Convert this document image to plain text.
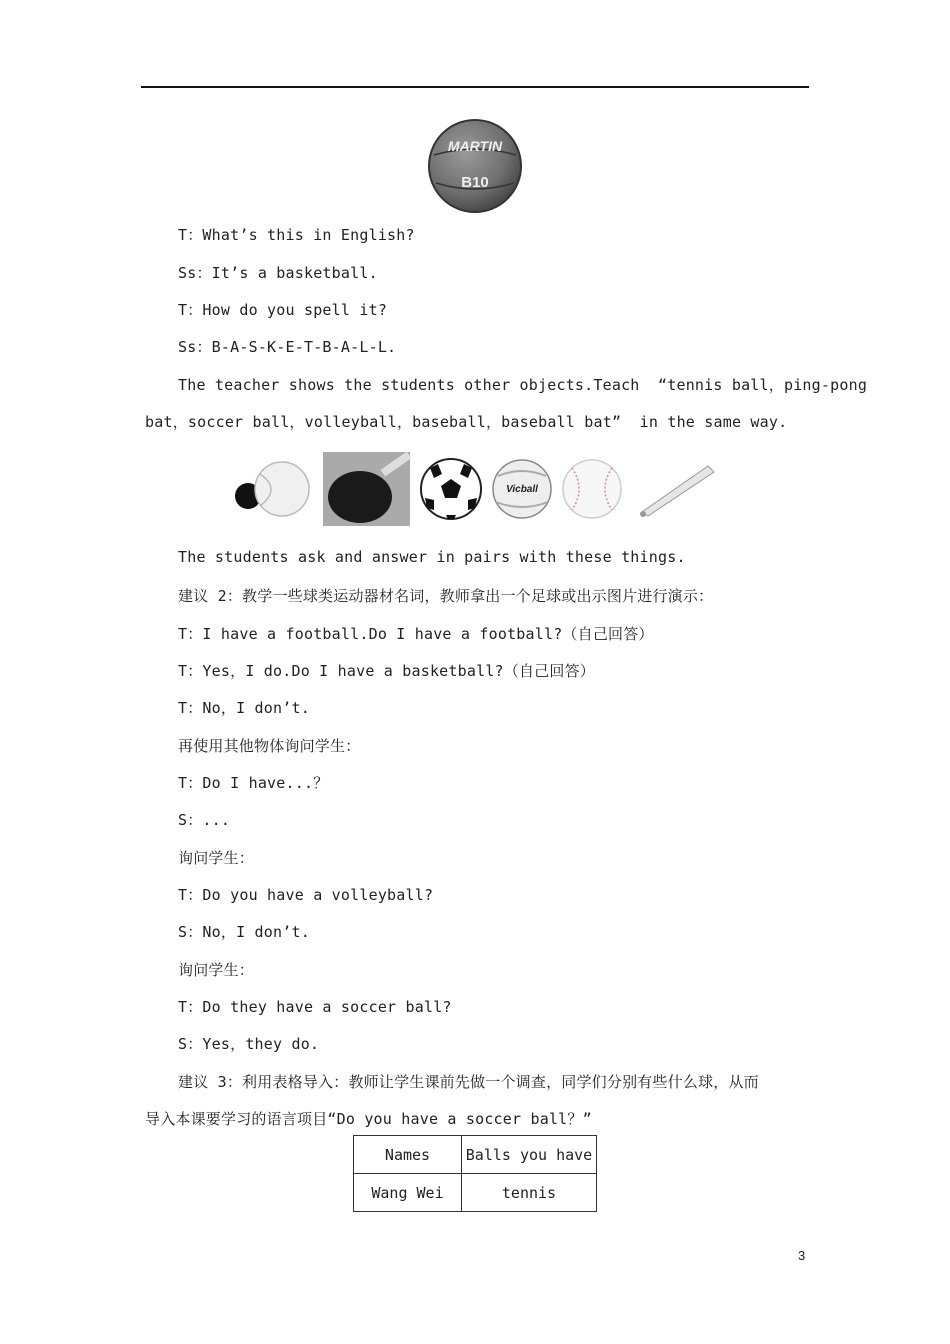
MARTIN
B10
T：What’s this in English?
Ss：It’s a basketball.
T：How do you spell it?
Ss：B-A-S-K-E-T-B-A-L-L.
The teacher shows the students other objects.Teach  “tennis ball，ping-pong
bat，soccer ball，volleyball，baseball，baseball bat”  in the same way.
Vicball
The students ask and answer in pairs with these things.
建议 2：教学一些球类运动器材名词，教师拿出一个足球或出示图片进行演示：
T：I have a football.Do I have a football?（自己回答）
T：Yes，I do.Do I have a basketball?（自己回答）
T：No，I don’t.
再使用其他物体询问学生：
T：Do I have...？
S：...
询问学生：
T：Do you have a volleyball?
S：No，I don’t.
询问学生：
T：Do they have a soccer ball?
S：Yes，they do.
建议 3：利用表格导入：教师让学生课前先做一个调查，同学们分别有些什么球，从而
导入本课要学习的语言项目“Do you have a soccer ball？”
Names	Balls you have
Wang Wei	tennis
3
